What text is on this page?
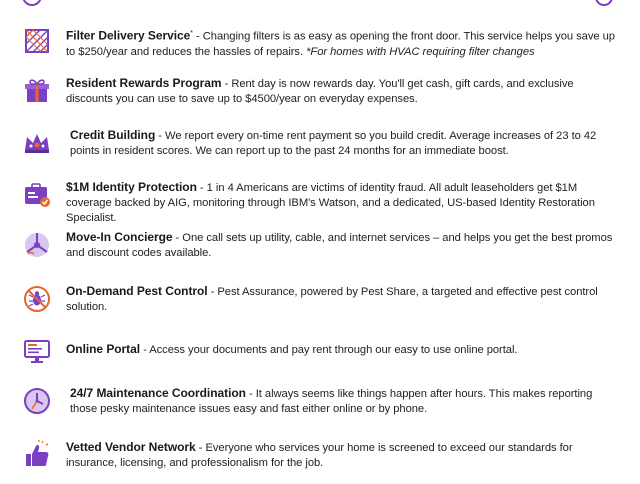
Filter Delivery Service* - Changing filters is as easy as opening the front door. This service helps you save up to $250/year and reduces the hassles of repairs. *For homes with HVAC requiring filter changes
Resident Rewards Program - Rent day is now rewards day. You'll get cash, gift cards, and exclusive discounts you can use to save up to $4500/year on everyday expenses.
Credit Building - We report every on-time rent payment so you build credit. Average increases of 23 to 42 points in resident scores. We can report up to the past 24 months for an immediate boost.
$1M Identity Protection - 1 in 4 Americans are victims of identity fraud. All adult leaseholders get $1M coverage backed by AIG, monitoring through IBM's Watson, and a dedicated, US-based Identity Restoration Specialist.
Move-In Concierge - One call sets up utility, cable, and internet services – and helps you get the best promos and discount codes available.
On-Demand Pest Control - Pest Assurance, powered by Pest Share, a targeted and effective pest control solution.
Online Portal - Access your documents and pay rent through our easy to use online portal.
24/7 Maintenance Coordination - It always seems like things happen after hours. This makes reporting those pesky maintenance issues easy and fast either online or by phone.
Vetted Vendor Network - Everyone who services your home is screened to exceed our standards for insurance, licensing, and professionalism for the job.
